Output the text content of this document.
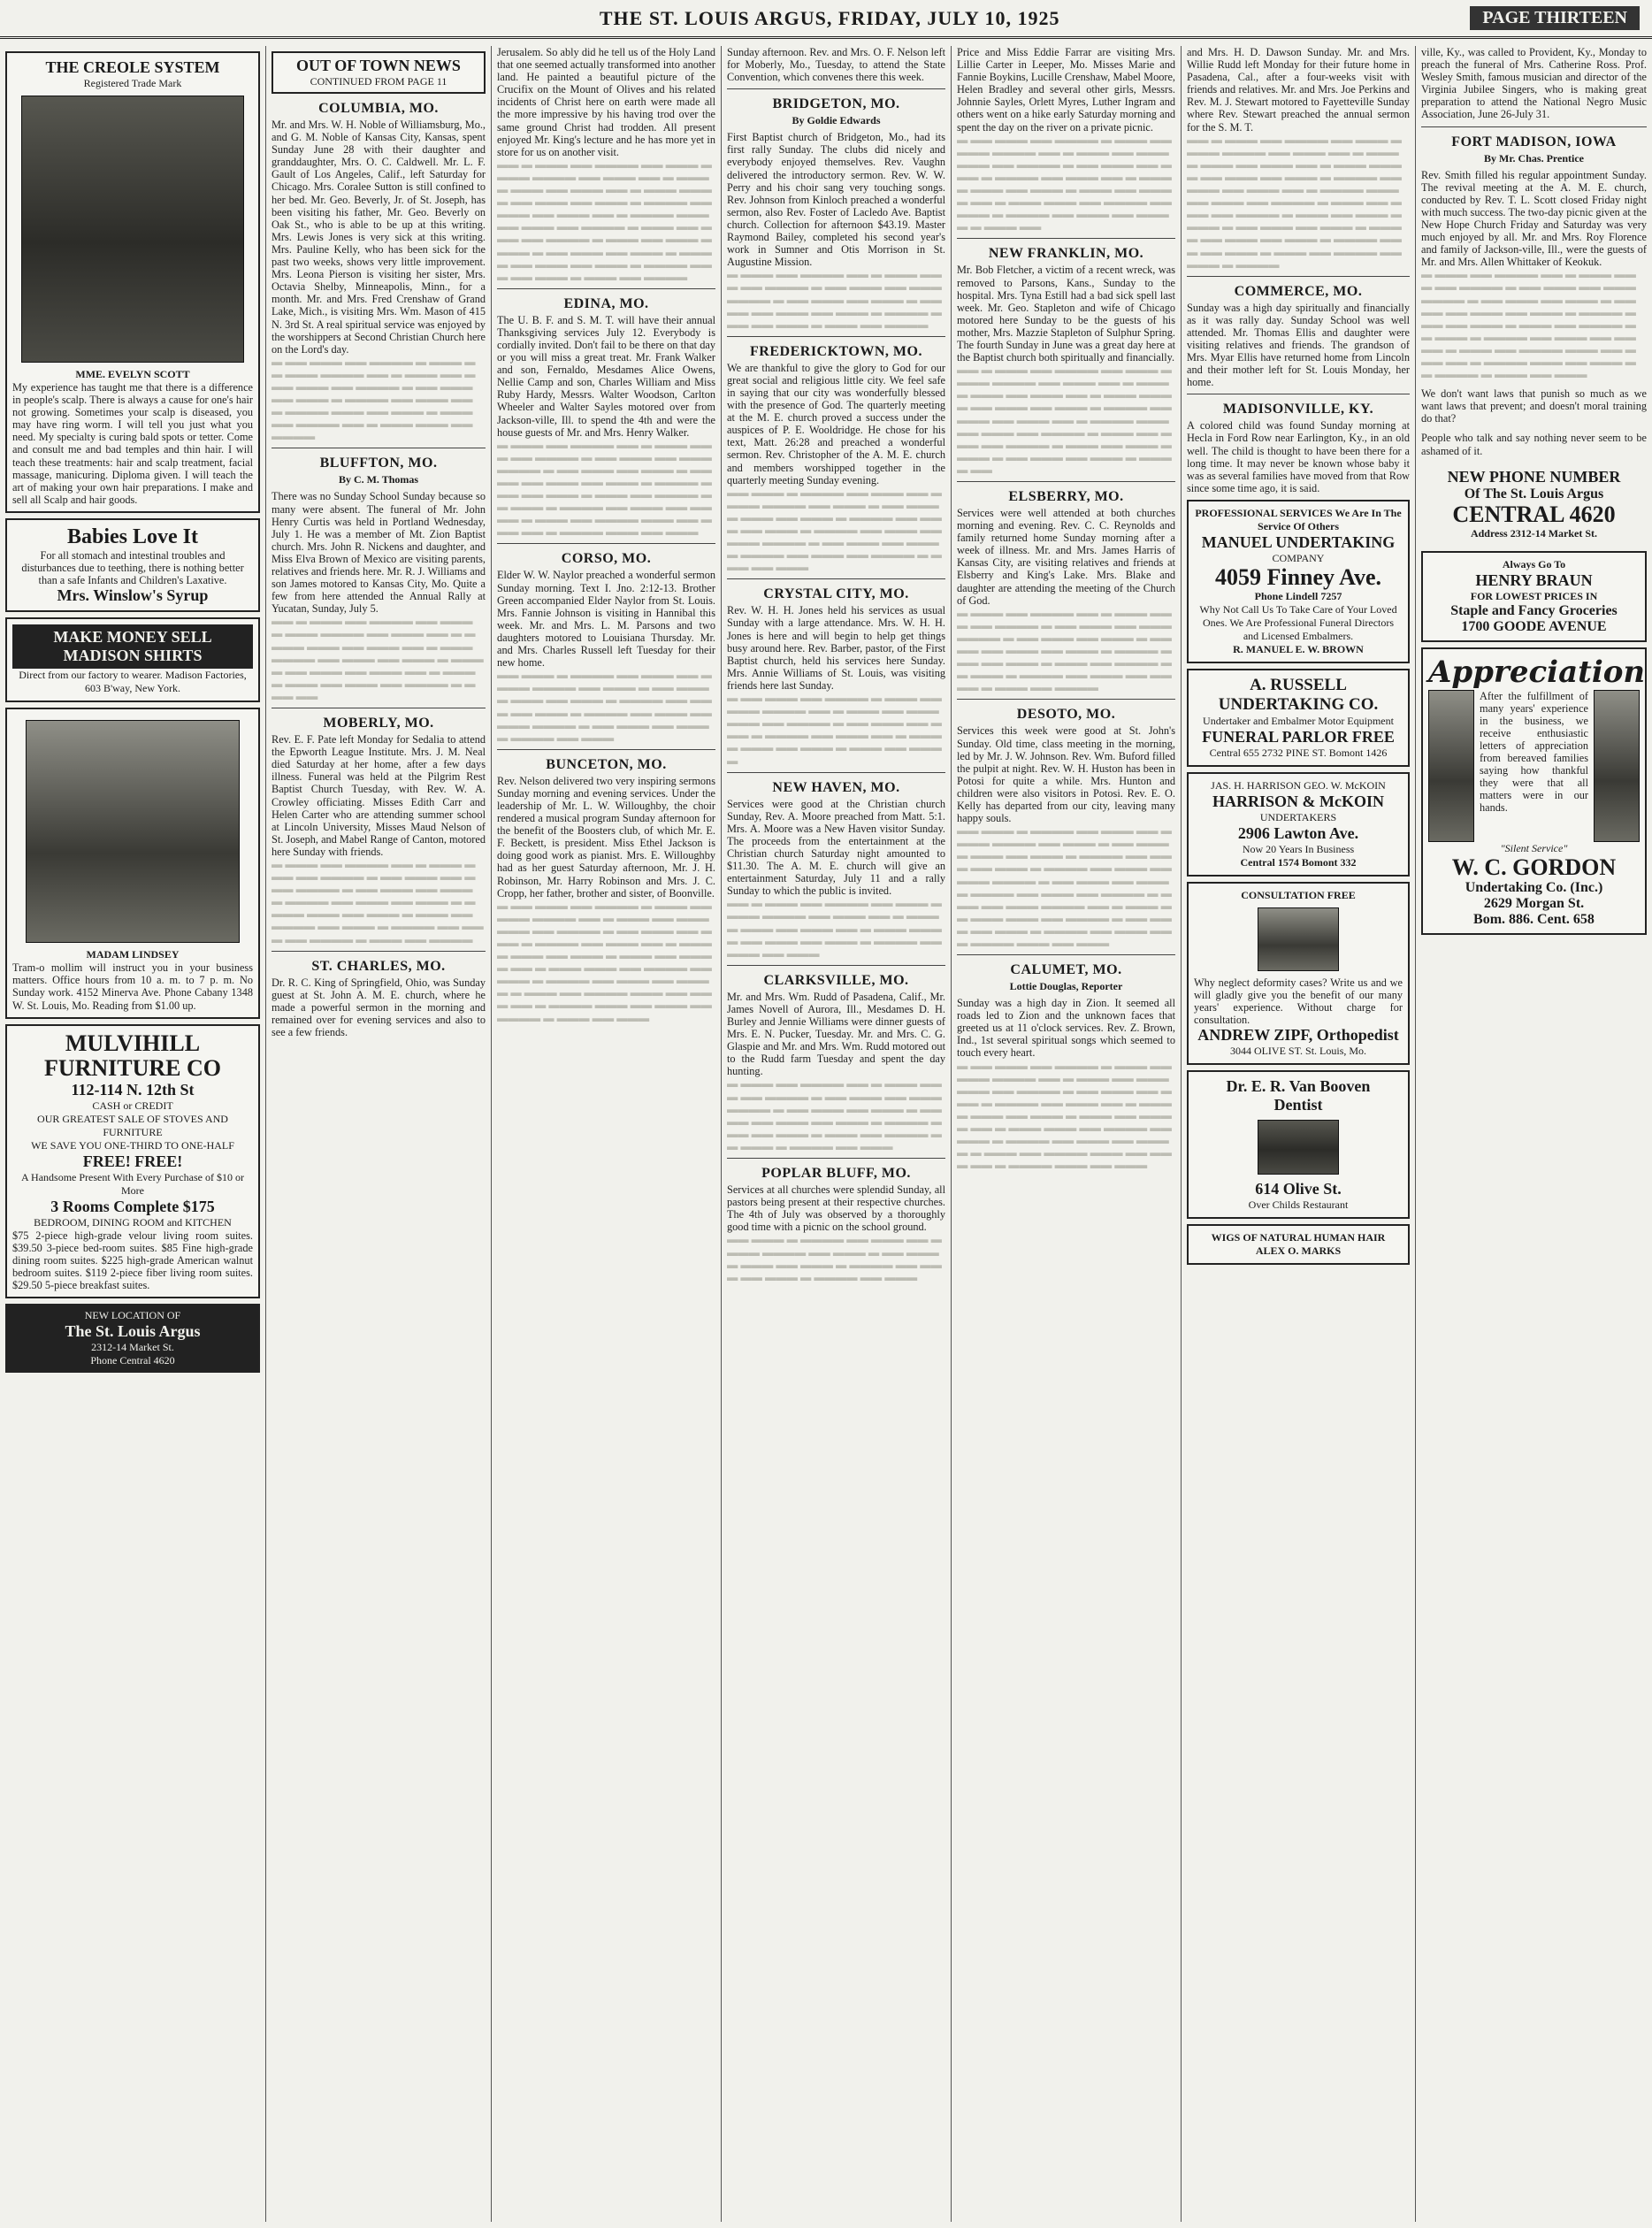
THE ST. LOUIS ARGUS, FRIDAY, JULY 10, 1925	PAGE THIRTEEN
THE CREOLE SYSTEM
Registered Trade Mark
MME. EVELYN SCOTT

My experience has taught me that there is a difference in people's scalp. There is always a cause for one's hair not growing. Sometimes your scalp is diseased, you may have ring worm. I will tell you just what you need. My specialty is curing bald spots or tetter. Come and consult me and bad temples and thin hair. I will teach these treatments: hair and scalp treatment, facial massage, manicuring. Diploma given. I will teach the art of making your own hair preparations. I make and sell all Scalp and hair goods.

Babies Love It

For all stomach and intestinal troubles and disturbances due to teething, there is nothing better than a safe Infants and Children's Laxative.

Mrs. Winslow's Syrup
MAKE MONEY SELL MADISON SHIRTS
Direct from our factory to wearer. Madison Factories, 603 B'way, New York.
MADAM LINDSEY

Tram-o mollim will instruct you in your business matters. Office hours from 10 a. m. to 7 p. m. No Sunday work. 4152 Minerva Ave. Phone Cabany 1348 W. St. Louis, Mo. Reading from $1.00 up.

MULVIHILL FURNITURE CO
112-114 N. 12th St
CASH or CREDIT
OUR GREATEST SALE OF STOVES AND FURNITURE
WE SAVE YOU ONE-THIRD TO ONE-HALF
FREE! FREE!
A Handsome Present With Every Purchase of $10 or More
3 Rooms Complete $175
BEDROOM, DINING ROOM and KITCHEN

$75 2-piece high-grade velour living room suites. $39.50 3-piece bed-room suites. $85 Fine high-grade dining room suites. $225 high-grade American walnut bedroom suites. $119 2-piece fiber living room suites. $29.50 5-piece breakfast suites.

NEW LOCATION OF
The St. Louis Argus
2312-14 Market St.
Phone Central 4620
OUT OF TOWN NEWS
CONTINUED FROM PAGE 11
COLUMBIA, MO.

Mr. and Mrs. W. H. Noble of Williamsburg, Mo., and G. M. Noble of Kansas City, Kansas, spent Sunday June 28 with their daughter and granddaughter, Mrs. O. C. Caldwell. Mr. L. F. Gault of Los Angeles, Calif., left Saturday for Chicago. Mrs. Coralee Sutton is still confined to her bed. Mr. Geo. Beverly, Jr. of St. Joseph, has been visiting his father, Mr. Geo. Beverly on Oak St., who is able to be up at this writing. Mrs. Lewis Jones is very sick at this writing. Mrs. Pauline Kelly, who has been sick for the past two weeks, shows very little improvement. Mrs. Leona Pierson is visiting her sister, Mrs. Octavia Shelby, Minneapolis, Minn., for a month. Mr. and Mrs. Fred Crenshaw of Grand Lake, Mich., is visiting Mrs. Wm. Mason of 415 N. 3rd St. A real spiritual service was enjoyed by the worshippers at Second Christian Church here on the Lord's day.

▬ ▬▬ ▬▬▬ ▬▬ ▬▬▬▬ ▬ ▬▬▬ ▬▬ ▬▬▬ ▬▬▬▬ ▬▬ ▬ ▬▬▬ ▬▬ ▬▬▬ ▬▬▬ ▬▬ ▬▬▬▬ ▬ ▬▬ ▬▬▬ ▬▬ ▬▬▬ ▬ ▬▬▬▬ ▬▬ ▬▬▬ ▬▬ ▬ ▬▬▬▬ ▬▬▬ ▬▬ ▬▬▬ ▬ ▬▬▬ ▬▬ ▬▬▬▬ ▬▬ ▬ ▬▬▬ ▬▬▬ ▬▬ ▬▬▬▬

BLUFFTON, MO.
By C. M. Thomas

There was no Sunday School Sunday because so many were absent. The funeral of Mr. John Henry Curtis was held in Portland Wednesday, July 1. He was a member of Mt. Zion Baptist church. Mrs. John R. Nickens and daughter, and Miss Elva Brown of Mexico are visiting parents, relatives and friends here. Mr. R. J. Williams and son James motored to Kansas City, Mo. Quite a few from here attended the Annual Rally at Yucatan, Sunday, July 5.

▬▬ ▬ ▬▬▬ ▬▬ ▬▬▬▬ ▬▬ ▬▬▬ ▬ ▬▬▬ ▬▬▬▬ ▬▬ ▬▬▬ ▬▬ ▬ ▬▬▬▬ ▬▬▬ ▬▬ ▬▬▬ ▬▬ ▬ ▬▬▬ ▬▬▬▬ ▬▬ ▬▬▬ ▬▬ ▬▬▬ ▬ ▬▬▬▬ ▬▬ ▬▬▬ ▬▬ ▬▬▬ ▬▬ ▬ ▬▬▬▬ ▬▬▬ ▬▬ ▬▬▬ ▬▬ ▬▬▬▬ ▬ ▬▬▬ ▬▬

MOBERLY, MO.

Rev. E. F. Pate left Monday for Sedalia to attend the Epworth League Institute. Mrs. J. M. Neal died Saturday at her home, after a few days illness. Funeral was held at the Pilgrim Rest Baptist Church Tuesday, with Rev. W. A. Crowley officiating. Misses Edith Carr and Helen Carter who are attending summer school at Lincoln University, Misses Maud Nelson of St. Joseph, and Mabel Range of Canton, motored here Sunday with friends.

▬ ▬▬▬ ▬▬ ▬▬▬▬ ▬▬ ▬ ▬▬▬ ▬▬▬ ▬▬ ▬▬▬▬ ▬ ▬▬ ▬▬▬ ▬▬ ▬▬▬ ▬▬▬▬ ▬ ▬▬ ▬▬▬ ▬▬ ▬▬▬ ▬ ▬▬▬▬ ▬▬ ▬▬▬ ▬▬ ▬▬▬ ▬ ▬▬▬▬ ▬▬▬ ▬▬ ▬▬▬ ▬ ▬▬▬ ▬▬ ▬▬▬▬ ▬▬ ▬▬▬ ▬ ▬▬▬▬ ▬▬ ▬▬▬ ▬▬ ▬▬▬▬ ▬ ▬▬▬ ▬▬ ▬▬▬▬

ST. CHARLES, MO.

Dr. R. C. King of Springfield, Ohio, was Sunday guest at St. John A. M. E. church, where he made a powerful sermon in the morning and remained over for evening services and also to see a few friends.

Jerusalem. So ably did he tell us of the Holy Land that one seemed actually transformed into another land. He painted a beautiful picture of the Crucifix on the Mount of Olives and his related incidents of Christ here on earth were made all the more impressive by his having trod over the same ground Christ had trodden. All present enjoyed Mr. King's lecture and he has more yet in store for us on another visit.

▬▬ ▬ ▬▬▬ ▬▬ ▬▬▬▬ ▬▬ ▬▬▬ ▬ ▬▬▬ ▬▬▬▬ ▬▬ ▬▬▬ ▬▬ ▬ ▬▬▬▬ ▬▬▬ ▬▬ ▬▬▬ ▬▬ ▬ ▬▬▬ ▬▬▬▬ ▬▬ ▬▬▬ ▬▬ ▬▬▬ ▬ ▬▬▬▬ ▬▬ ▬▬▬ ▬▬ ▬▬▬ ▬▬ ▬ ▬▬▬▬ ▬▬▬ ▬▬ ▬▬▬ ▬▬ ▬▬▬▬ ▬ ▬▬▬ ▬▬ ▬▬▬ ▬▬ ▬▬▬▬ ▬ ▬▬▬ ▬▬ ▬▬▬ ▬▬▬▬ ▬ ▬▬ ▬▬▬ ▬▬ ▬▬▬ ▬ ▬▬▬▬ ▬▬ ▬▬▬ ▬▬ ▬▬▬ ▬ ▬▬▬▬ ▬▬▬ ▬▬ ▬▬▬ ▬ ▬▬▬ ▬▬ ▬▬▬▬

EDINA, MO.

The U. B. F. and S. M. T. will have their annual Thanksgiving services July 12. Everybody is cordially invited. Don't fail to be there on that day or you will miss a great treat. Mr. Frank Walker and son, Fernaldo, Mesdames Alice Owens, Nellie Camp and son, Charles William and Miss Ruby Hardy, Messrs. Walter Woodson, Carlton Wheeler and Walter Sayles motored over from Jackson-ville, Ill. to spend the 4th and were the house guests of Mr. and Mrs. Henry Walker.

▬ ▬▬▬ ▬▬ ▬▬▬▬ ▬▬ ▬ ▬▬▬ ▬▬▬ ▬▬ ▬▬▬▬ ▬ ▬▬ ▬▬▬ ▬▬ ▬▬▬ ▬▬▬▬ ▬ ▬▬ ▬▬▬ ▬▬ ▬▬▬ ▬ ▬▬▬▬ ▬▬ ▬▬▬ ▬▬ ▬▬▬ ▬ ▬▬▬▬ ▬▬▬ ▬▬ ▬▬▬ ▬ ▬▬▬ ▬▬ ▬▬▬▬ ▬▬ ▬▬▬ ▬ ▬▬▬▬ ▬▬ ▬▬▬ ▬▬ ▬▬▬▬ ▬ ▬▬▬ ▬▬ ▬▬▬▬ ▬▬▬ ▬▬ ▬▬▬ ▬▬ ▬ ▬▬▬▬ ▬▬▬ ▬▬ ▬▬▬

CORSO, MO.

Elder W. W. Naylor preached a wonderful sermon Sunday morning. Text I. Jno. 2:12-13. Brother Green accompanied Elder Naylor from St. Louis. Mrs. Fannie Johnson is visiting in Hannibal this week. Mr. and Mrs. L. M. Parsons and two daughters motored to Louisiana Thursday. Mr. and Mrs. Charles Russell left Tuesday for their new home.

▬▬ ▬▬▬ ▬ ▬▬▬▬ ▬▬ ▬▬▬ ▬▬ ▬ ▬▬▬ ▬▬▬▬ ▬▬ ▬▬▬ ▬ ▬▬ ▬▬▬▬ ▬▬▬ ▬▬ ▬▬▬ ▬ ▬▬▬▬ ▬▬ ▬▬▬ ▬▬ ▬▬▬ ▬ ▬▬▬▬ ▬▬ ▬▬▬ ▬▬ ▬▬▬ ▬▬▬▬ ▬ ▬▬ ▬▬▬ ▬▬ ▬▬▬ ▬ ▬▬▬▬ ▬▬ ▬▬▬

BUNCETON, MO.

Rev. Nelson delivered two very inspiring sermons Sunday morning and evening services. Under the leadership of Mr. L. W. Willoughby, the choir rendered a musical program Sunday afternoon for the benefit of the Boosters club, of which Mr. E. F. Beckett, is president. Miss Ethel Jackson is doing good work as pianist. Mrs. E. Willoughby had as her guest Saturday afternoon, Mr. J. H. Robinson, Mr. Harry Robinson and Mrs. J. C. Cropp, her father, brother and sister, of Boonville.

▬ ▬▬ ▬▬▬ ▬▬ ▬▬▬▬ ▬ ▬▬▬ ▬▬ ▬▬▬ ▬▬▬▬ ▬▬ ▬ ▬▬▬ ▬▬ ▬▬▬ ▬▬▬ ▬▬ ▬▬▬▬ ▬ ▬▬ ▬▬▬ ▬▬ ▬▬▬ ▬ ▬▬▬▬ ▬▬ ▬▬▬ ▬▬ ▬ ▬▬▬▬ ▬▬▬ ▬▬ ▬▬▬ ▬ ▬▬▬ ▬▬ ▬▬▬▬ ▬▬ ▬ ▬▬▬ ▬▬▬ ▬▬ ▬▬▬▬ ▬▬ ▬▬▬ ▬ ▬▬▬▬ ▬▬ ▬▬▬ ▬▬ ▬▬▬▬ ▬ ▬▬▬ ▬▬ ▬▬▬▬ ▬▬▬ ▬▬ ▬▬▬ ▬▬ ▬ ▬▬▬▬ ▬▬▬ ▬▬ ▬▬▬ ▬▬ ▬▬▬▬ ▬ ▬▬▬ ▬▬ ▬▬▬

Sunday afternoon. Rev. and Mrs. O. F. Nelson left for Moberly, Mo., Tuesday, to attend the State Convention, which convenes there this week.

BRIDGETON, MO.
By Goldie Edwards

First Baptist church of Bridgeton, Mo., had its first rally Sunday. The clubs did nicely and everybody enjoyed themselves. Rev. Vaughn delivered the introductory sermon. Rev. W. W. Perry and his choir sang very touching songs. Rev. Johnson from Kinloch preached a wonderful sermon, also Rev. Foster of Lacledo Ave. Baptist church. Collection for afternoon $43.19. Master Raymond Bailey, completed his second year's work in Sumner and Otis Morrison in St. Augustine Mission.

▬ ▬▬▬ ▬▬ ▬▬▬▬ ▬▬ ▬ ▬▬▬ ▬▬▬ ▬▬ ▬▬▬▬ ▬ ▬▬ ▬▬▬ ▬▬ ▬▬▬ ▬▬▬▬ ▬ ▬▬ ▬▬▬ ▬▬ ▬▬▬ ▬ ▬▬▬▬ ▬▬ ▬▬▬ ▬▬ ▬▬▬ ▬ ▬▬▬▬ ▬▬▬ ▬▬ ▬▬▬ ▬ ▬▬▬ ▬▬ ▬▬▬▬

FREDERICKTOWN, MO.

We are thankful to give the glory to God for our great social and religious little city. We feel safe in saying that our city was wonderfully blessed with the presence of God. The quarterly meeting at the M. E. church proved a success under the auspices of P. E. Wooldridge. He chose for his text, Matt. 26:28 and preached a wonderful sermon. Rev. Christopher of the A. M. E. church and members worshipped together in the quarterly meeting Sunday evening.

▬▬ ▬▬▬ ▬ ▬▬▬▬ ▬▬ ▬▬▬ ▬▬ ▬ ▬▬▬ ▬▬▬▬ ▬▬ ▬▬▬ ▬ ▬▬ ▬▬▬▬ ▬▬▬ ▬▬ ▬▬▬ ▬ ▬▬▬▬ ▬▬ ▬▬▬ ▬▬ ▬▬▬ ▬ ▬▬▬▬ ▬▬ ▬▬▬ ▬▬ ▬▬▬ ▬▬▬▬ ▬ ▬▬ ▬▬▬ ▬▬ ▬▬▬ ▬ ▬▬▬▬ ▬▬ ▬▬▬ ▬▬ ▬▬▬▬ ▬ ▬▬▬ ▬▬ ▬▬▬

CRYSTAL CITY, MO.

Rev. W. H. H. Jones held his services as usual Sunday with a large attendance. Mrs. W. H. H. Jones is here and will begin to help get things busy around here. Rev. Barber, pastor, of the First Baptist church, held his services here Sunday. Mrs. Annie Williams of St. Louis, was visiting friends here last Sunday.

▬ ▬▬ ▬▬▬ ▬▬ ▬▬▬▬ ▬ ▬▬▬ ▬▬ ▬▬▬ ▬▬▬▬ ▬▬ ▬ ▬▬▬ ▬▬ ▬▬▬ ▬▬▬ ▬▬ ▬▬▬▬ ▬ ▬▬ ▬▬▬ ▬▬ ▬▬▬ ▬ ▬▬▬▬ ▬▬ ▬▬▬ ▬▬ ▬ ▬▬▬▬ ▬▬▬ ▬▬ ▬▬▬ ▬ ▬▬▬ ▬▬ ▬▬▬▬

NEW HAVEN, MO.

Services were good at the Christian church Sunday, Rev. A. Moore preached from Matt. 5:1. Mrs. A. Moore was a New Haven visitor Sunday. The proceeds from the entertainment at the Christian church Saturday night amounted to $11.30. The A. M. E. church will give an entertainment Saturday, July 11 and a rally Sunday to which the public is invited.

▬▬ ▬ ▬▬▬ ▬▬ ▬▬▬▬ ▬▬ ▬▬▬ ▬ ▬▬▬ ▬▬▬▬ ▬▬ ▬▬▬ ▬▬ ▬ ▬▬▬▬ ▬▬▬ ▬▬ ▬▬▬ ▬▬ ▬ ▬▬▬ ▬▬▬▬ ▬▬ ▬▬▬ ▬▬ ▬▬▬ ▬ ▬▬▬▬ ▬▬ ▬▬▬ ▬▬ ▬▬▬

CLARKSVILLE, MO.

Mr. and Mrs. Wm. Rudd of Pasadena, Calif., Mr. James Novell of Aurora, Ill., Mesdames D. H. Burley and Jennie Williams were dinner guests of Mrs. E. N. Pucker, Tuesday. Mr. and Mrs. C. G. Glaspie and Mr. and Mrs. Wm. Rudd motored out to the Rudd farm Tuesday and spent the day hunting.

▬ ▬▬▬ ▬▬ ▬▬▬▬ ▬▬ ▬ ▬▬▬ ▬▬▬ ▬▬ ▬▬▬▬ ▬ ▬▬ ▬▬▬ ▬▬ ▬▬▬ ▬▬▬▬ ▬ ▬▬ ▬▬▬ ▬▬ ▬▬▬ ▬ ▬▬▬▬ ▬▬ ▬▬▬ ▬▬ ▬▬▬ ▬ ▬▬▬▬ ▬▬▬ ▬▬ ▬▬▬ ▬ ▬▬▬ ▬▬ ▬▬▬▬ ▬▬ ▬▬▬ ▬ ▬▬▬▬ ▬▬ ▬▬▬

POPLAR BLUFF, MO.

Services at all churches were splendid Sunday, all pastors being present at their respective churches. The 4th of July was observed by a thoroughly good time with a picnic on the school ground.

▬▬ ▬▬▬ ▬ ▬▬▬▬ ▬▬ ▬▬▬ ▬▬ ▬ ▬▬▬ ▬▬▬▬ ▬▬ ▬▬▬ ▬ ▬▬ ▬▬▬▬ ▬▬▬ ▬▬ ▬▬▬ ▬ ▬▬▬▬ ▬▬ ▬▬▬ ▬▬ ▬▬▬ ▬ ▬▬▬▬ ▬▬ ▬▬▬

Price and Miss Eddie Farrar are visiting Mrs. Lillie Carter in Leeper, Mo. Misses Marie and Fannie Boykins, Lucille Crenshaw, Mabel Moore, Helen Bradley and several other girls, Messrs. Johnnie Sayles, Orlett Myres, Luther Ingram and others went on a hike early Saturday morning and spent the day on the river on a private picnic.

▬ ▬▬ ▬▬▬ ▬▬ ▬▬▬▬ ▬ ▬▬▬ ▬▬ ▬▬▬ ▬▬▬▬ ▬▬ ▬ ▬▬▬ ▬▬ ▬▬▬ ▬▬▬ ▬▬ ▬▬▬▬ ▬ ▬▬ ▬▬▬ ▬▬ ▬▬▬ ▬ ▬▬▬▬ ▬▬ ▬▬▬ ▬▬ ▬ ▬▬▬▬ ▬▬▬ ▬▬ ▬▬▬ ▬ ▬▬▬ ▬▬ ▬▬▬▬ ▬▬ ▬ ▬▬▬ ▬▬▬ ▬▬ ▬▬▬▬ ▬▬ ▬▬▬ ▬ ▬▬▬▬ ▬▬ ▬▬▬ ▬▬ ▬▬▬▬ ▬ ▬▬▬ ▬▬

NEW FRANKLIN, MO.

Mr. Bob Fletcher, a victim of a recent wreck, was removed to Parsons, Kans., Sunday to the hospital. Mrs. Tyna Estill had a bad sick spell last week. Mr. Geo. Stapleton and wife of Chicago motored here Sunday to be the guests of his mother, Mrs. Mazzie Stapleton of Sulphur Spring. The fourth Sunday in June was a great day here at the Baptist church both spiritually and financially.

▬▬ ▬ ▬▬▬ ▬▬ ▬▬▬▬ ▬▬ ▬▬▬ ▬ ▬▬▬ ▬▬▬▬ ▬▬ ▬▬▬ ▬▬ ▬ ▬▬▬▬ ▬▬▬ ▬▬ ▬▬▬ ▬▬ ▬ ▬▬▬ ▬▬▬▬ ▬▬ ▬▬▬ ▬▬ ▬▬▬ ▬ ▬▬▬▬ ▬▬ ▬▬▬ ▬▬ ▬▬▬ ▬▬ ▬ ▬▬▬▬ ▬▬▬ ▬▬ ▬▬▬ ▬▬ ▬▬▬▬ ▬ ▬▬▬ ▬▬ ▬▬▬ ▬▬ ▬▬▬▬ ▬ ▬▬▬ ▬▬ ▬▬▬ ▬▬▬▬ ▬ ▬▬ ▬▬▬ ▬▬ ▬▬▬ ▬ ▬▬▬▬ ▬▬

ELSBERRY, MO.

Services were well attended at both churches morning and evening. Rev. C. C. Reynolds and family returned home Sunday morning after a week of illness. Mr. and Mrs. James Harris of Kansas City, are visiting relatives and friends at Elsberry and King's Lake. Mrs. Blake and daughter are attending the meeting of the Church of God.

▬ ▬▬▬ ▬▬ ▬▬▬▬ ▬▬ ▬ ▬▬▬ ▬▬▬ ▬▬ ▬▬▬▬ ▬ ▬▬ ▬▬▬ ▬▬ ▬▬▬ ▬▬▬▬ ▬ ▬▬ ▬▬▬ ▬▬ ▬▬▬ ▬ ▬▬▬▬ ▬▬ ▬▬▬ ▬▬ ▬▬▬ ▬ ▬▬▬▬ ▬▬▬ ▬▬ ▬▬▬ ▬ ▬▬▬ ▬▬ ▬▬▬▬ ▬▬ ▬▬▬ ▬ ▬▬▬▬ ▬▬ ▬▬▬ ▬▬ ▬▬▬▬ ▬ ▬▬▬ ▬▬ ▬▬▬▬

DESOTO, MO.

Services this week were good at St. John's Sunday. Old time, class meeting in the morning, led by Mr. J. W. Johnson. Rev. Wm. Buford filled the pulpit at night. Rev. W. H. Huston has been in Potosi for quite a while. Mrs. Hunton and children were also visitors in Potosi. Rev. E. O. Kelly has departed from our city, leaving many happy souls.

▬▬ ▬▬▬ ▬ ▬▬▬▬ ▬▬ ▬▬▬ ▬▬ ▬ ▬▬▬ ▬▬▬▬ ▬▬ ▬▬▬ ▬ ▬▬ ▬▬▬▬ ▬▬▬ ▬▬ ▬▬▬ ▬ ▬▬▬▬ ▬▬ ▬▬▬ ▬▬ ▬▬▬ ▬ ▬▬▬▬ ▬▬ ▬▬▬ ▬▬ ▬▬▬ ▬▬▬▬ ▬ ▬▬ ▬▬▬ ▬▬ ▬▬▬ ▬ ▬▬▬▬ ▬▬ ▬▬▬ ▬▬ ▬▬▬▬ ▬ ▬▬▬ ▬▬ ▬▬▬ ▬▬▬▬ ▬▬ ▬ ▬▬▬ ▬▬ ▬▬▬ ▬▬▬ ▬▬ ▬▬▬▬ ▬ ▬▬ ▬▬▬ ▬▬ ▬▬▬ ▬ ▬▬▬▬ ▬▬ ▬▬▬ ▬▬ ▬ ▬▬▬▬ ▬▬▬ ▬▬ ▬▬▬

CALUMET, MO.
Lottie Douglas, Reporter

Sunday was a high day in Zion. It seemed all roads led to Zion and the unknown faces that greeted us at 11 o'clock services. Rev. Z. Brown, Ind., 1st several spiritual songs which seemed to touch every heart.

▬ ▬▬ ▬▬▬ ▬▬ ▬▬▬▬ ▬ ▬▬▬ ▬▬ ▬▬▬ ▬▬▬▬ ▬▬ ▬ ▬▬▬ ▬▬ ▬▬▬ ▬▬▬ ▬▬ ▬▬▬▬ ▬ ▬▬ ▬▬▬ ▬▬ ▬▬▬ ▬ ▬▬▬▬ ▬▬ ▬▬▬ ▬▬ ▬ ▬▬▬▬ ▬▬▬ ▬▬ ▬▬▬ ▬ ▬▬▬ ▬▬ ▬▬▬▬ ▬▬ ▬ ▬▬▬ ▬▬▬ ▬▬ ▬▬▬▬ ▬▬ ▬▬▬ ▬ ▬▬▬▬ ▬▬ ▬▬▬ ▬▬ ▬▬▬▬ ▬ ▬▬▬ ▬▬ ▬▬▬▬ ▬▬▬ ▬▬ ▬▬▬ ▬▬ ▬ ▬▬▬▬ ▬▬▬ ▬▬ ▬▬▬

and Mrs. H. D. Dawson Sunday. Mr. and Mrs. Willie Rudd left Monday for their future home in Pasadena, Cal., after a four-weeks visit with friends and relatives. Mr. and Mrs. Joe Perkins and Rev. M. J. Stewart motored to Fayetteville Sunday where Rev. Stewart preached the annual sermon for the S. M. T.

▬▬ ▬ ▬▬▬ ▬▬ ▬▬▬▬ ▬▬ ▬▬▬ ▬ ▬▬▬ ▬▬▬▬ ▬▬ ▬▬▬ ▬▬ ▬ ▬▬▬▬ ▬▬▬ ▬▬ ▬▬▬ ▬▬ ▬ ▬▬▬ ▬▬▬▬ ▬▬ ▬▬▬ ▬▬ ▬▬▬ ▬ ▬▬▬▬ ▬▬ ▬▬▬ ▬▬ ▬▬▬ ▬▬ ▬ ▬▬▬▬ ▬▬▬ ▬▬ ▬▬▬ ▬▬ ▬▬▬▬ ▬ ▬▬▬ ▬▬ ▬▬▬ ▬▬ ▬▬▬▬ ▬ ▬▬▬ ▬▬ ▬▬▬ ▬▬▬▬ ▬ ▬▬ ▬▬▬ ▬▬ ▬▬▬ ▬ ▬▬▬▬ ▬▬ ▬▬▬ ▬▬ ▬▬▬ ▬ ▬▬▬▬ ▬▬▬ ▬▬ ▬▬▬ ▬ ▬▬▬ ▬▬ ▬▬▬▬ ▬▬ ▬▬▬ ▬ ▬▬▬▬

COMMERCE, MO.

Sunday was a high day spiritually and financially as it was rally day. Sunday School was well attended. Mr. Thomas Ellis and daughter were visiting relatives and friends. The grandson of Mrs. Myar Ellis have returned home from Lincoln and their mother left for St. Louis Monday, her home.

MADISONVILLE, KY.

A colored child was found Sunday morning at Hecla in Ford Row near Earlington, Ky., in an old well. The child is thought to have been there for a long time. It may never be known whose baby it was as several families have moved from that Row since some time ago, it is said.

PROFESSIONAL SERVICES We Are In The Service Of Others
MANUEL UNDERTAKING
COMPANY
4059 Finney Ave.
Phone Lindell 7257
Why Not Call Us To Take Care of Your Loved Ones. We Are Professional Funeral Directors and Licensed Embalmers.
R. MANUEL E. W. BROWN
A. RUSSELL UNDERTAKING CO.
Undertaker and Embalmer Motor Equipment
FUNERAL PARLOR FREE
Central 655 2732 PINE ST. Bomont 1426
JAS. H. HARRISON GEO. W. McKOIN
HARRISON & McKOIN
UNDERTAKERS
2906 Lawton Ave.
Now 20 Years In Business
Central 1574 Bomont 332
CONSULTATION FREE

Why neglect deformity cases? Write us and we will gladly give you the benefit of our many years' experience. Without charge for consultation.

ANDREW ZIPF, Orthopedist
3044 OLIVE ST. St. Louis, Mo.
Dr. E. R. Van Booven
Dentist
614 Olive St.
Over Childs Restaurant
WIGS OF NATURAL HUMAN HAIR
ALEX O. MARKS

ville, Ky., was called to Provident, Ky., Monday to preach the funeral of Mrs. Catherine Ross. Prof. Wesley Smith, famous musician and director of the Virginia Jubilee Singers, who is making great preparation to attend the National Negro Music Association, June 26-July 31.

FORT MADISON, IOWA
By Mr. Chas. Prentice

Rev. Smith filled his regular appointment Sunday. The revival meeting at the A. M. E. church, conducted by Rev. T. L. Scott closed Friday night with much success. The two-day picnic given at the New Hope Church Friday and Saturday was very much enjoyed by all. Mr. and Mrs. Roy Florence and family of Jackson-ville, Ill., were the guests of Mr. and Mrs. Allen Whittaker of Keokuk.

▬ ▬▬▬ ▬▬ ▬▬▬▬ ▬▬ ▬ ▬▬▬ ▬▬▬ ▬▬ ▬▬▬▬ ▬ ▬▬ ▬▬▬ ▬▬ ▬▬▬ ▬▬▬▬ ▬ ▬▬ ▬▬▬ ▬▬ ▬▬▬ ▬ ▬▬▬▬ ▬▬ ▬▬▬ ▬▬ ▬▬▬ ▬ ▬▬▬▬ ▬▬▬ ▬▬ ▬▬▬ ▬ ▬▬▬ ▬▬ ▬▬▬▬ ▬▬ ▬▬▬ ▬ ▬▬▬▬ ▬▬ ▬▬▬ ▬▬ ▬▬▬▬ ▬ ▬▬▬ ▬▬ ▬▬▬▬ ▬▬▬ ▬▬ ▬▬▬ ▬▬ ▬ ▬▬▬▬ ▬▬▬ ▬▬ ▬▬▬ ▬▬ ▬▬▬▬ ▬ ▬▬▬ ▬▬ ▬▬▬

We don't want laws that punish so much as we want laws that prevent; and doesn't moral training do that?

People who talk and say nothing never seem to be ashamed of it.

NEW PHONE NUMBER
Of The St. Louis Argus
CENTRAL 4620
Address 2312-14 Market St.
Always Go To
HENRY BRAUN
FOR LOWEST PRICES IN
Staple and Fancy Groceries
1700 GOODE AVENUE
Appreciation

After the fulfillment of many years' experience in the business, we receive enthusiastic letters of appreciation from bereaved families saying how thankful they were that all matters were in our hands.

"Silent Service"
W. C. GORDON
Undertaking Co. (Inc.)
2629 Morgan St.
Bom. 886. Cent. 658
